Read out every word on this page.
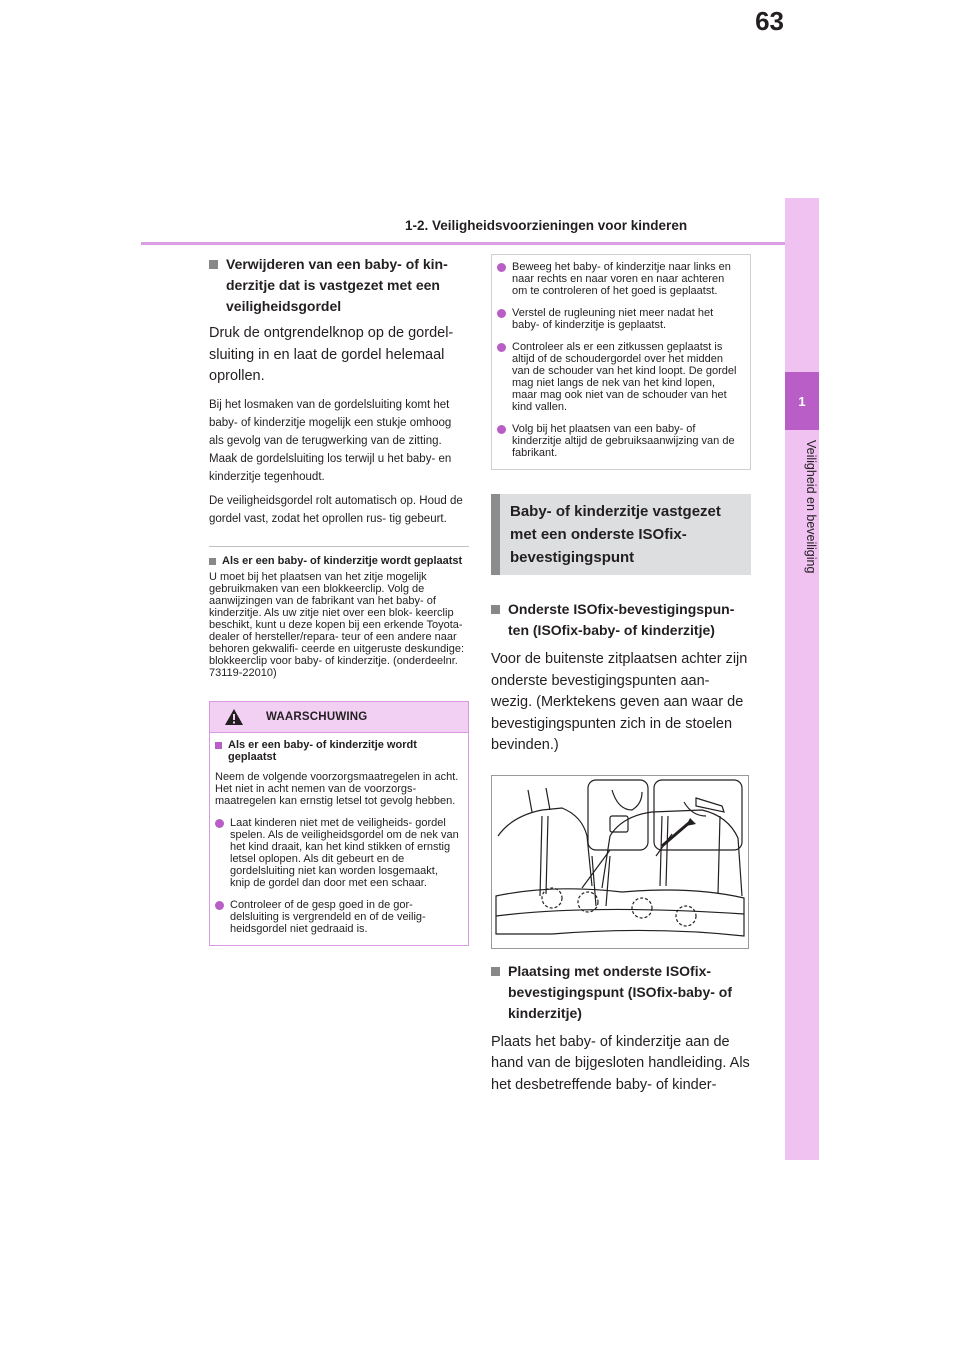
63
1-2. Veiligheidsvoorzieningen voor kinderen
1
Veiligheid en beveiliging
Verwijderen van een baby- of kin- derzitje dat is vastgezet met een veiligheidsgordel

Druk de ontgrendelknop op de gordel- sluiting in en laat de gordel helemaal oprollen.

Bij het losmaken van de gordelsluiting komt het baby- of kinderzitje mogelijk een stukje omhoog als gevolg van de terugwerking van de zitting. Maak de gordelsluiting los terwijl u het baby- en kinderzitje tegenhoudt.

De veiligheidsgordel rolt automatisch op. Houd de gordel vast, zodat het oprollen rus- tig gebeurt.

Als er een baby- of kinderzitje wordt geplaatst

U moet bij het plaatsen van het zitje mogelijk gebruikmaken van een blokkeerclip. Volg de aanwijzingen van de fabrikant van het baby- of kinderzitje. Als uw zitje niet over een blok- keerclip beschikt, kunt u deze kopen bij een erkende Toyota-dealer of hersteller/repara- teur of een andere naar behoren gekwalifi- ceerde en uitgeruste deskundige: blokkeerclip voor baby- of kinderzitje. (onderdeelnr. 73119-22010)

WAARSCHUWING
Als er een baby- of kinderzitje wordt geplaatst

Neem de volgende voorzorgsmaatregelen in acht. Het niet in acht nemen van de voorzorgs- maatregelen kan ernstig letsel tot gevolg hebben.

Laat kinderen niet met de veiligheids- gordel spelen. Als de veiligheidsgordel om de nek van het kind draait, kan het kind stikken of ernstig letsel oplopen. Als dit gebeurt en de gordelsluiting niet kan worden losgemaakt, knip de gordel dan door met een schaar.
Controleer of de gesp goed in de gor- delsluiting is vergrendeld en of de veilig- heidsgordel niet gedraaid is.
Beweeg het baby- of kinderzitje naar links en naar rechts en naar voren en naar achteren om te controleren of het goed is geplaatst.
Verstel de rugleuning niet meer nadat het baby- of kinderzitje is geplaatst.
Controleer als er een zitkussen geplaatst is altijd of de schoudergordel over het midden van de schouder van het kind loopt. De gordel mag niet langs de nek van het kind lopen, maar mag ook niet van de schouder van het kind vallen.
Volg bij het plaatsen van een baby- of kinderzitje altijd de gebruiksaanwijzing van de fabrikant.
Baby- of kinderzitje vastgezet met een onderste ISOfix- bevestigingspunt
Onderste ISOfix-bevestigingspun- ten (ISOfix-baby- of kinderzitje)

Voor de buitenste zitplaatsen achter zijn onderste bevestigingspunten aan- wezig. (Merktekens geven aan waar de bevestigingspunten zich in de stoelen bevinden.)

Plaatsing met onderste ISOfix- bevestigingspunt (ISOfix-baby- of kinderzitje)

Plaats het baby- of kinderzitje aan de hand van de bijgesloten handleiding. Als het desbetreffende baby- of kinder-
